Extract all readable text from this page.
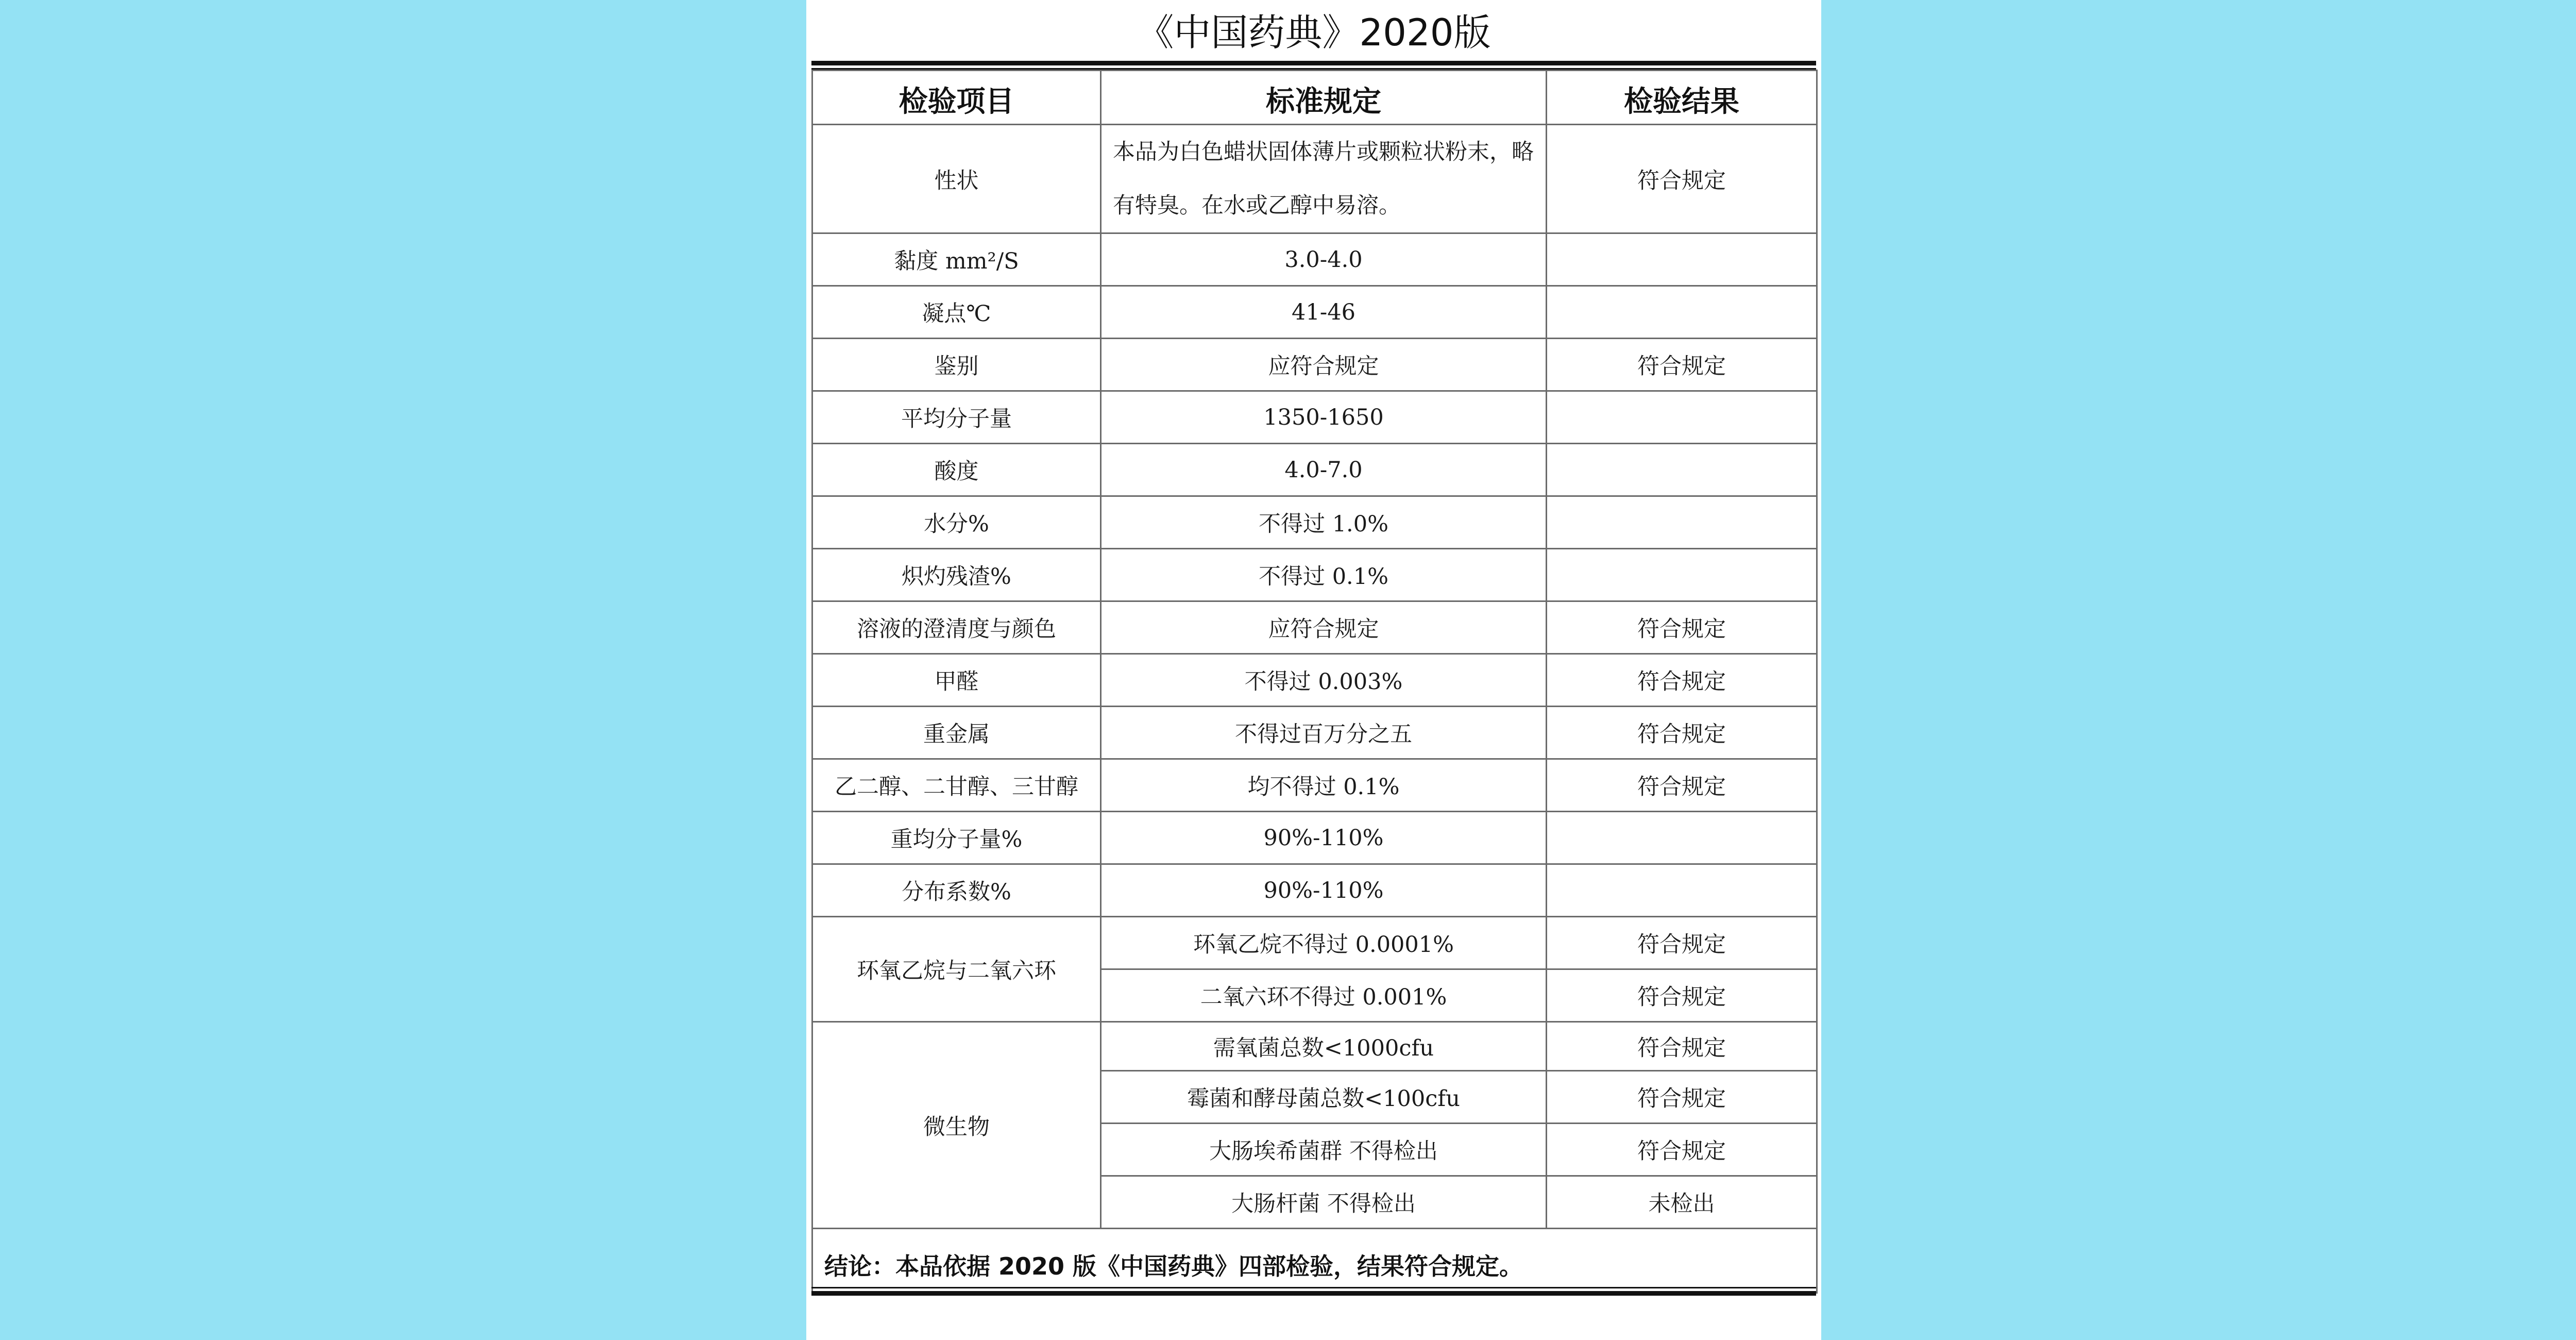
《中国药典》2020版
检验项目	标准规定	检验结果
性状	本品为白色蜡状固体薄片或颗粒状粉末，略有特臭。在水或乙醇中易溶。	符合规定
黏度 mm²/S	3.0-4.0	
凝点℃	41-46	
鉴别	应符合规定	符合规定
平均分子量	1350-1650	
酸度	4.0-7.0	
水分%	不得过 1.0%	
炽灼残渣%	不得过 0.1%	
溶液的澄清度与颜色	应符合规定	符合规定
甲醛	不得过 0.003%	符合规定
重金属	不得过百万分之五	符合规定
乙二醇、二甘醇、三甘醇	均不得过 0.1%	符合规定
重均分子量%	90%-110%	
分布系数%	90%-110%	
环氧乙烷与二氧六环	环氧乙烷不得过 0.0001%	符合规定
	二氧六环不得过 0.001%	符合规定
微生物	需氧菌总数<1000cfu	符合规定
	霉菌和酵母菌总数<100cfu	符合规定
	大肠埃希菌群 不得检出	符合规定
	大肠杆菌 不得检出	未检出
结论：本品依据 2020 版《中国药典》四部检验，结果符合规定。		
